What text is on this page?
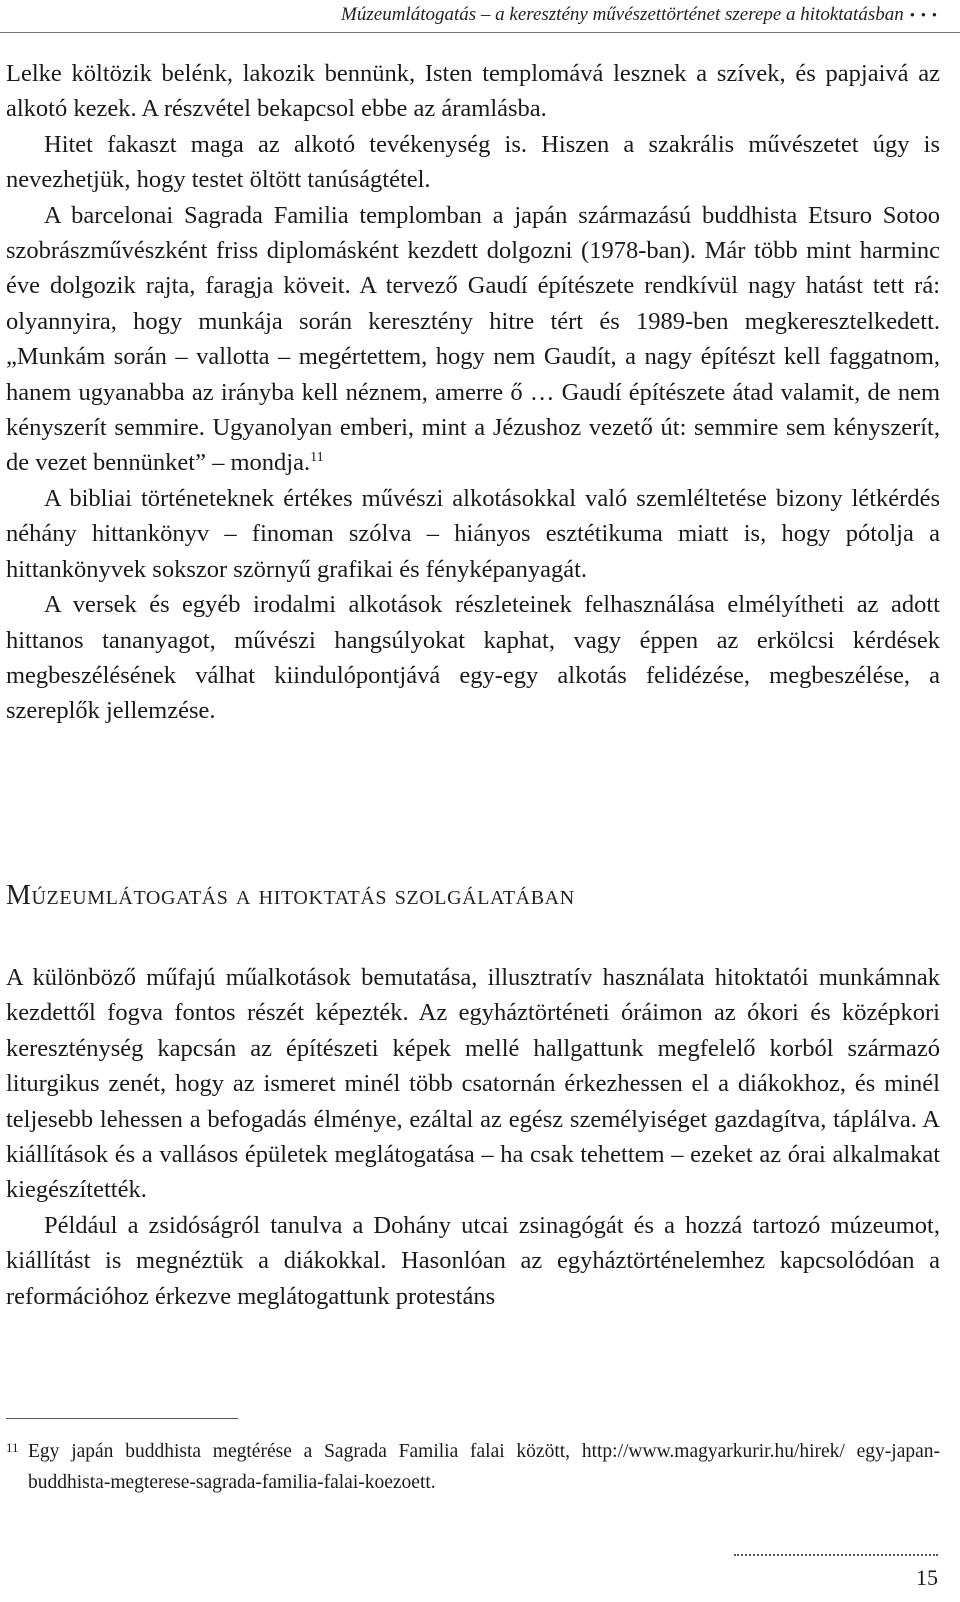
Múzeumlátogatás – a keresztény művészettörténet szerepe a hitoktatásban • • •

Lelke költözik belénk, lakozik bennünk, Isten templomává lesznek a szívek, és papjaivá az alkotó kezek. A részvétel bekapcsol ebbe az áramlásba.

Hitet fakaszt maga az alkotó tevékenység is. Hiszen a szakrális művészetet úgy is nevezhetjük, hogy testet öltött tanúságtétel.

A barcelonai Sagrada Familia templomban a japán származású buddhista Etsuro Sotoo szobrászművészként friss diplomásként kezdett dolgozni (1978-ban). Már több mint harminc éve dolgozik rajta, faragja köveit. A tervező Gaudí építészete rendkívül nagy hatást tett rá: olyannyira, hogy munkája során keresztény hitre tért és 1989-ben megkeresztelkedett. „Munkám során – vallotta – megértettem, hogy nem Gaudít, a nagy építészt kell faggatnom, hanem ugyanabba az irányba kell néznem, amerre ő … Gaudí építészete átad valamit, de nem kényszerít semmire. Ugyanolyan emberi, mint a Jézushoz vezető út: semmire sem kényszerít, de vezet bennünket” – mondja.$^{11}$

A bibliai történeteknek értékes művészi alkotásokkal való szemléltetése bizony létkérdés néhány hittankönyv – finoman szólva – hiányos esztétikuma miatt is, hogy pótolja a hittankönyvek sokszor szörnyű grafikai és fényképanyagát.

A versek és egyéb irodalmi alkotások részleteinek felhasználása elmélyítheti az adott hittanos tananyagot, művészi hangsúlyokat kaphat, vagy éppen az erkölcsi kérdések megbeszélésének válhat kiindulópontjává egy-egy alkotás felidézése, megbeszélése, a szereplők jellemzése.

Múzeumlátogatás a hitoktatás szolgálatában

A különböző műfajú műalkotások bemutatása, illusztratív használata hitoktatói munkámnak kezdettől fogva fontos részét képezték. Az egyháztörténeti óráimon az ókori és középkori kereszténység kapcsán az építészeti képek mellé hallgattunk megfelelő korból származó liturgikus zenét, hogy az ismeret minél több csatornán érkezhessen el a diákokhoz, és minél teljesebb lehessen a befogadás élménye, ezáltal az egész személyiséget gazdagítva, táplálva. A kiállítások és a vallásos épületek meglátogatása – ha csak tehettem – ezeket az órai alkalmakat kiegészítették.

Például a zsidóságról tanulva a Dohány utcai zsinagógát és a hozzá tartozó múzeumot, kiállítást is megnéztük a diákokkal. Hasonlóan az egyháztörténelemhez kapcsolódóan a reformációhoz érkezve meglátogattunk protestáns

11 Egy japán buddhista megtérése a Sagrada Familia falai között, http://www.magyarkurir.hu/hirek/ egy-japan-buddhista-megterese-sagrada-familia-falai-koezoett.
15
